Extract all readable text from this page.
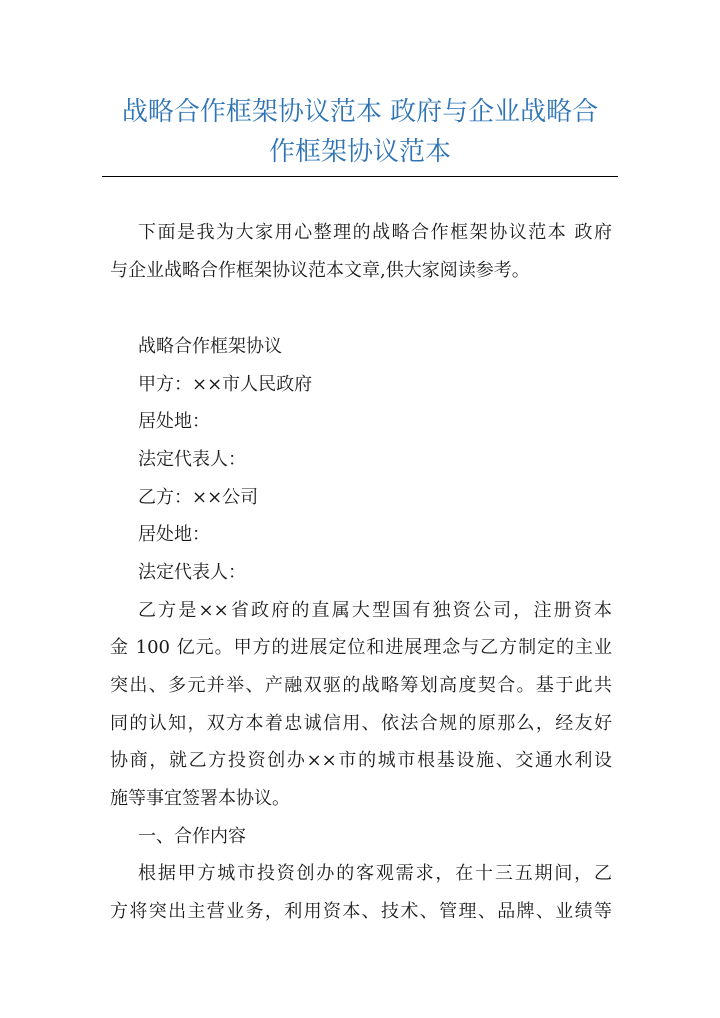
战略合作框架协议范本 政府与企业战略合
作框架协议范本

下面是我为大家用心整理的战略合作框架协议范本 政府

与企业战略合作框架协议范本文章,供大家阅读参考。

战略合作框架协议

甲方：××市人民政府

居处地：

法定代表人：

乙方：××公司

居处地：

法定代表人：

乙方是××省政府的直属大型国有独资公司，注册资本

金 100 亿元。甲方的进展定位和进展理念与乙方制定的主业

突出、多元并举、产融双驱的战略筹划高度契合。基于此共

同的认知，双方本着忠诚信用、依法合规的原那么，经友好

协商，就乙方投资创办××市的城市根基设施、交通水利设

施等事宜签署本协议。

一、合作内容

根据甲方城市投资创办的客观需求，在十三五期间，乙

方将突出主营业务，利用资本、技术、管理、品牌、业绩等
